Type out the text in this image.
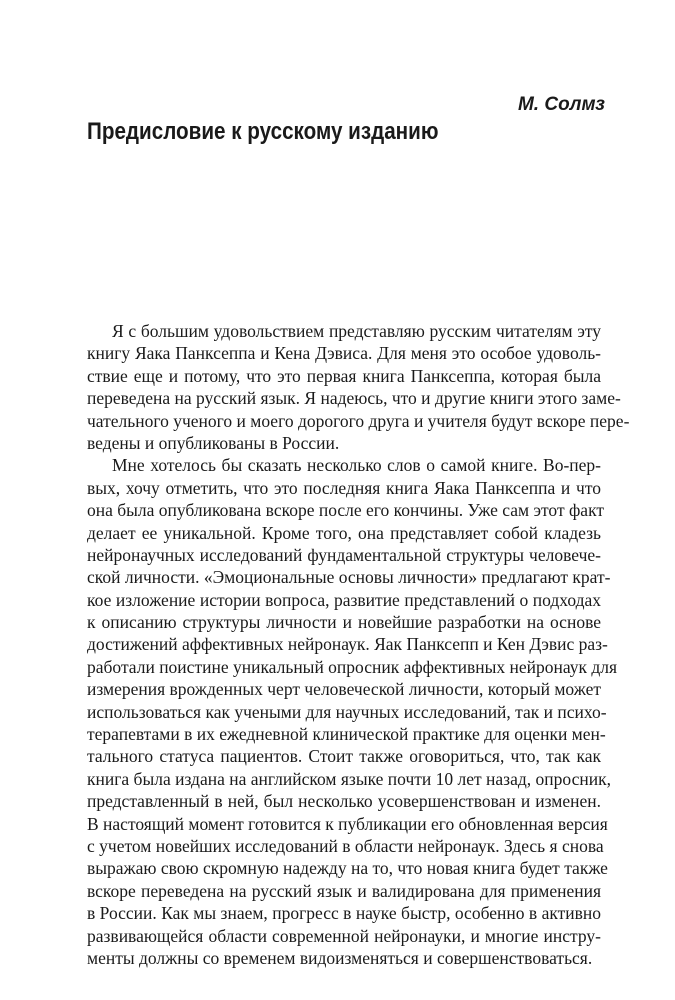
М. Солмз

Предисловие к русскому изданию
Я с большим удовольствием представляю русским читателям эту
книгу Яака Панксеппа и Кена Дэвиса. Для меня это особое удоволь-
ствие еще и потому, что это первая книга Панксеппа, которая была
переведена на русский язык. Я надеюсь, что и другие книги этого заме-
чательного ученого и моего дорогого друга и учителя будут вскоре пере-
ведены и опубликованы в России.
Мне хотелось бы сказать несколько слов о самой книге. Во-пер-
вых, хочу отметить, что это последняя книга Яака Панксеппа и что
она была опубликована вскоре после его кончины. Уже сам этот факт
делает ее уникальной. Кроме того, она представляет собой кладезь
нейронаучных исследований фундаментальной структуры человече-
ской личности. «Эмоциональные основы личности» предлагают крат-
кое изложение истории вопроса, развитие представлений о подходах
к описанию структуры личности и новейшие разработки на основе
достижений аффективных нейронаук. Яак Панксепп и Кен Дэвис раз-
работали поистине уникальный опросник аффективных нейронаук для
измерения врожденных черт человеческой личности, который может
использоваться как учеными для научных исследований, так и психо-
терапевтами в их ежедневной клинической практике для оценки мен-
тального статуса пациентов. Стоит также оговориться, что, так как
книга была издана на английском языке почти 10 лет назад, опросник,
представленный в ней, был несколько усовершенствован и изменен.
В настоящий момент готовится к публикации его обновленная версия
с учетом новейших исследований в области нейронаук. Здесь я снова
выражаю свою скромную надежду на то, что новая книга будет также
вскоре переведена на русский язык и валидирована для применения
в России. Как мы знаем, прогресс в науке быстр, особенно в активно
развивающейся области современной нейронауки, и многие инстру-
менты должны со временем видоизменяться и совершенствоваться.
